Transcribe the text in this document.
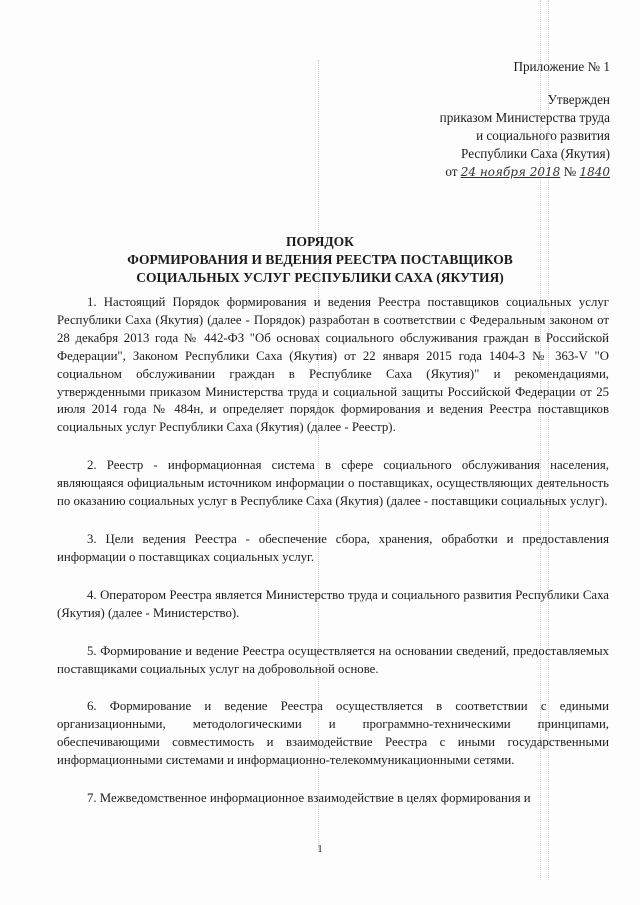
Приложение № 1
Утвержден
приказом Министерства труда
и социального развития
Республики Саха (Якутия)
от 24 ноября 2018 № 1840
ПОРЯДОК
ФОРМИРОВАНИЯ И ВЕДЕНИЯ РЕЕСТРА ПОСТАВЩИКОВ
СОЦИАЛЬНЫХ УСЛУГ РЕСПУБЛИКИ САХА (ЯКУТИЯ)

1. Настоящий Порядок формирования и ведения Реестра поставщиков социальных услуг Республики Саха (Якутия) (далее - Порядок) разработан в соответствии с Федеральным законом от 28 декабря 2013 года № 442-ФЗ "Об основах социального обслуживания граждан в Российской Федерации", Законом Республики Саха (Якутия) от 22 января 2015 года 1404-З № 363-V "О социальном обслуживании граждан в Республике Саха (Якутия)" и рекомендациями, утвержденными приказом Министерства труда и социальной защиты Российской Федерации от 25 июля 2014 года № 484н, и определяет порядок формирования и ведения Реестра поставщиков социальных услуг Республики Саха (Якутия) (далее - Реестр).

2. Реестр - информационная система в сфере социального обслуживания населения, являющаяся официальным источником информации о поставщиках, осуществляющих деятельность по оказанию социальных услуг в Республике Саха (Якутия) (далее - поставщики социальных услуг).

3. Цели ведения Реестра - обеспечение сбора, хранения, обработки и предоставления информации о поставщиках социальных услуг.

4. Оператором Реестра является Министерство труда и социального развития Республики Саха (Якутия) (далее - Министерство).

5. Формирование и ведение Реестра осуществляется на основании сведений, предоставляемых поставщиками социальных услуг на добровольной основе.

6. Формирование и ведение Реестра осуществляется в соответствии с едиными организационными, методологическими и программно-техническими принципами, обеспечивающими совместимость и взаимодействие Реестра с иными государственными информационными системами и информационно-телекоммуникационными сетями.

7. Межведомственное информационное взаимодействие в целях формирования и

1
